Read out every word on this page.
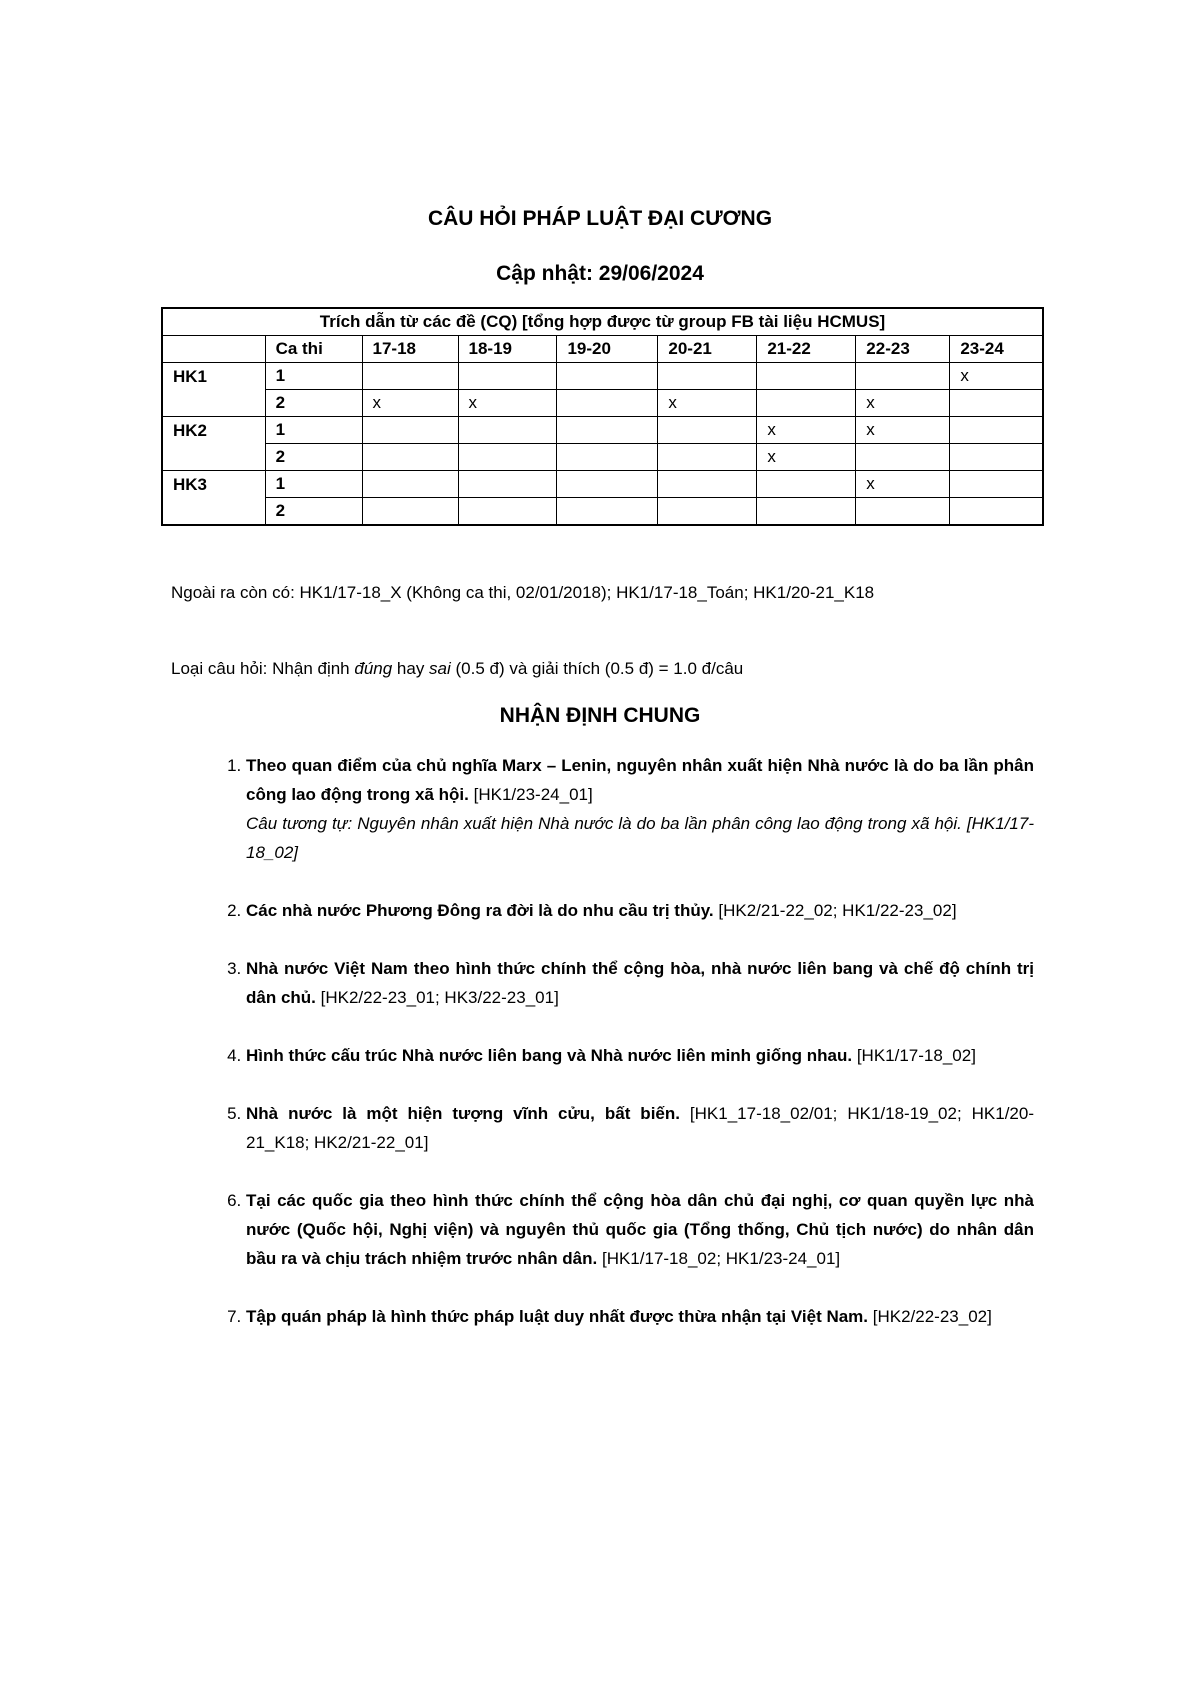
CÂU HỎI PHÁP LUẬT ĐẠI CƯƠNG
Cập nhật: 29/06/2024
Trích dẫn từ các đề (CQ) [tổng hợp được từ group FB tài liệu HCMUS]								
	Ca thi	17-18	18-19	19-20	20-21	21-22	22-23	23-24
HK1	1							x
	2	x	x		x		x	
HK2	1					x	x	
	2					x		
HK3	1						x	
	2							

Ngoài ra còn có: HK1/17-18_X (Không ca thi, 02/01/2018); HK1/17-18_Toán; HK1/20-21_K18

Loại câu hỏi: Nhận định đúng hay sai (0.5 đ) và giải thích (0.5 đ) = 1.0 đ/câu

NHẬN ĐỊNH CHUNG
1. Theo quan điểm của chủ nghĩa Marx – Lenin, nguyên nhân xuất hiện Nhà nước là do ba lần phân công lao động trong xã hội. [HK1/23-24_01]
Câu tương tự: Nguyên nhân xuất hiện Nhà nước là do ba lần phân công lao động trong xã hội. [HK1/17-18_02]
2. Các nhà nước Phương Đông ra đời là do nhu cầu trị thủy. [HK2/21-22_02; HK1/22-23_02]
3. Nhà nước Việt Nam theo hình thức chính thể cộng hòa, nhà nước liên bang và chế độ chính trị dân chủ. [HK2/22-23_01; HK3/22-23_01]
4. Hình thức cấu trúc Nhà nước liên bang và Nhà nước liên minh giống nhau. [HK1/17-18_02]
5. Nhà nước là một hiện tượng vĩnh cửu, bất biến. [HK1_17-18_02/01; HK1/18-19_02; HK1/20-21_K18; HK2/21-22_01]
6. Tại các quốc gia theo hình thức chính thể cộng hòa dân chủ đại nghị, cơ quan quyền lực nhà nước (Quốc hội, Nghị viện) và nguyên thủ quốc gia (Tổng thống, Chủ tịch nước) do nhân dân bầu ra và chịu trách nhiệm trước nhân dân. [HK1/17-18_02; HK1/23-24_01]
7. Tập quán pháp là hình thức pháp luật duy nhất được thừa nhận tại Việt Nam. [HK2/22-23_02]
